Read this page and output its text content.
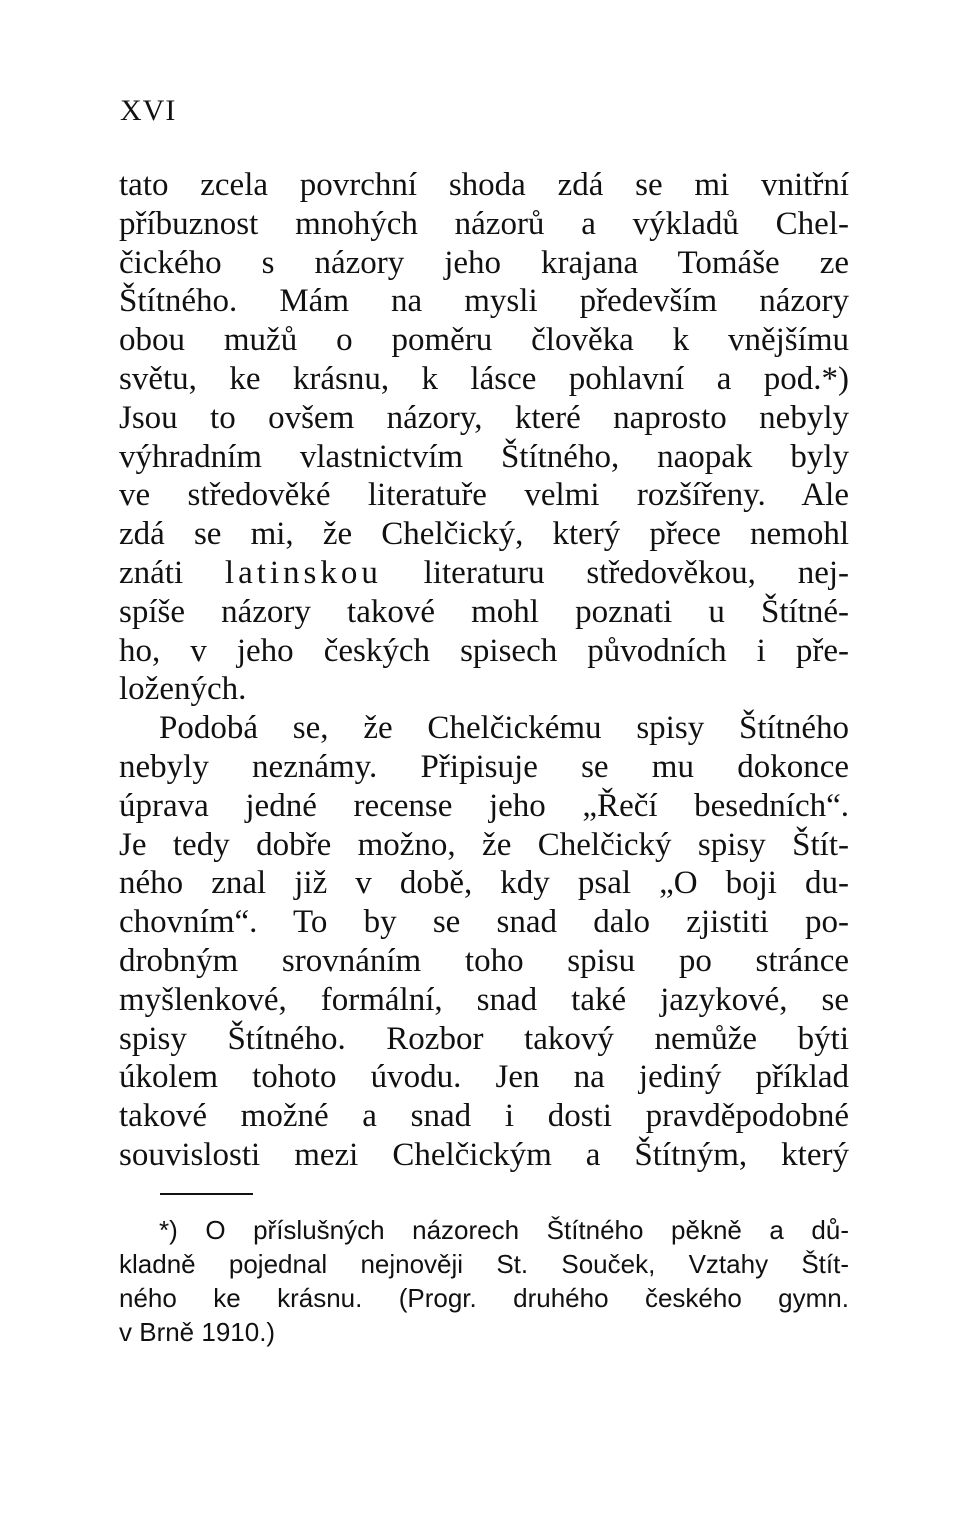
XVI
tato zcela povrchní shoda zdá se mi vnitřní
příbuznost mnohých názorů a výkladů Chel-
čického s názory jeho krajana Tomáše ze
Štítného. Mám na mysli především názory
obou mužů o poměru člověka k vnějšímu
světu, ke krásnu, k lásce pohlavní a pod.*)
Jsou to ovšem názory, které naprosto nebyly
výhradním vlastnictvím Štítného, naopak byly
ve středověké literatuře velmi rozšířeny. Ale
zdá se mi, že Chelčický, který přece nemohl
znáti latinskou literaturu středověkou, nej-
spíše názory takové mohl poznati u Štítné-
ho, v jeho českých spisech původních i pře-
ložených.
Podobá se, že Chelčickému spisy Štítného
nebyly neznámy. Připisuje se mu dokonce
úprava jedné recense jeho „Řečí besedních“.
Je tedy dobře možno, že Chelčický spisy Štít-
ného znal již v době, kdy psal „O boji du-
chovním“. To by se snad dalo zjistiti po-
drobným srovnáním toho spisu po stránce
myšlenkové, formální, snad také jazykové, se
spisy Štítného. Rozbor takový nemůže býti
úkolem tohoto úvodu. Jen na jediný příklad
takové možné a snad i dosti pravděpodobné
souvislosti mezi Chelčickým a Štítným, který
*) O příslušných názorech Štítného pěkně a dů-
kladně pojednal nejnověji St. Souček, Vztahy Štít-
ného ke krásnu. (Progr. druhého českého gymn.
v Brně 1910.)
